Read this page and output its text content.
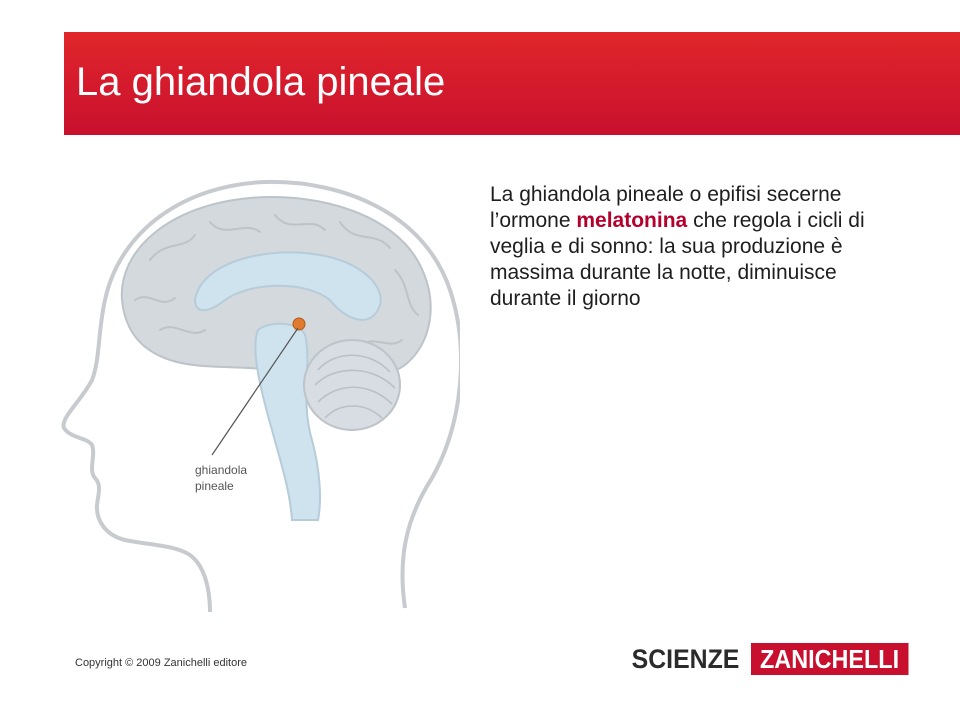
La ghiandola pineale
La ghiandola pineale o epifisi secerne l’ormone melatonina che regola i cicli di veglia e di sonno: la sua produzione è massima durante la notte, diminuisce durante il giorno
ghiandola
pineale
Copyright © 2009 Zanichelli editore	SCIENZE ZANICHELLI
